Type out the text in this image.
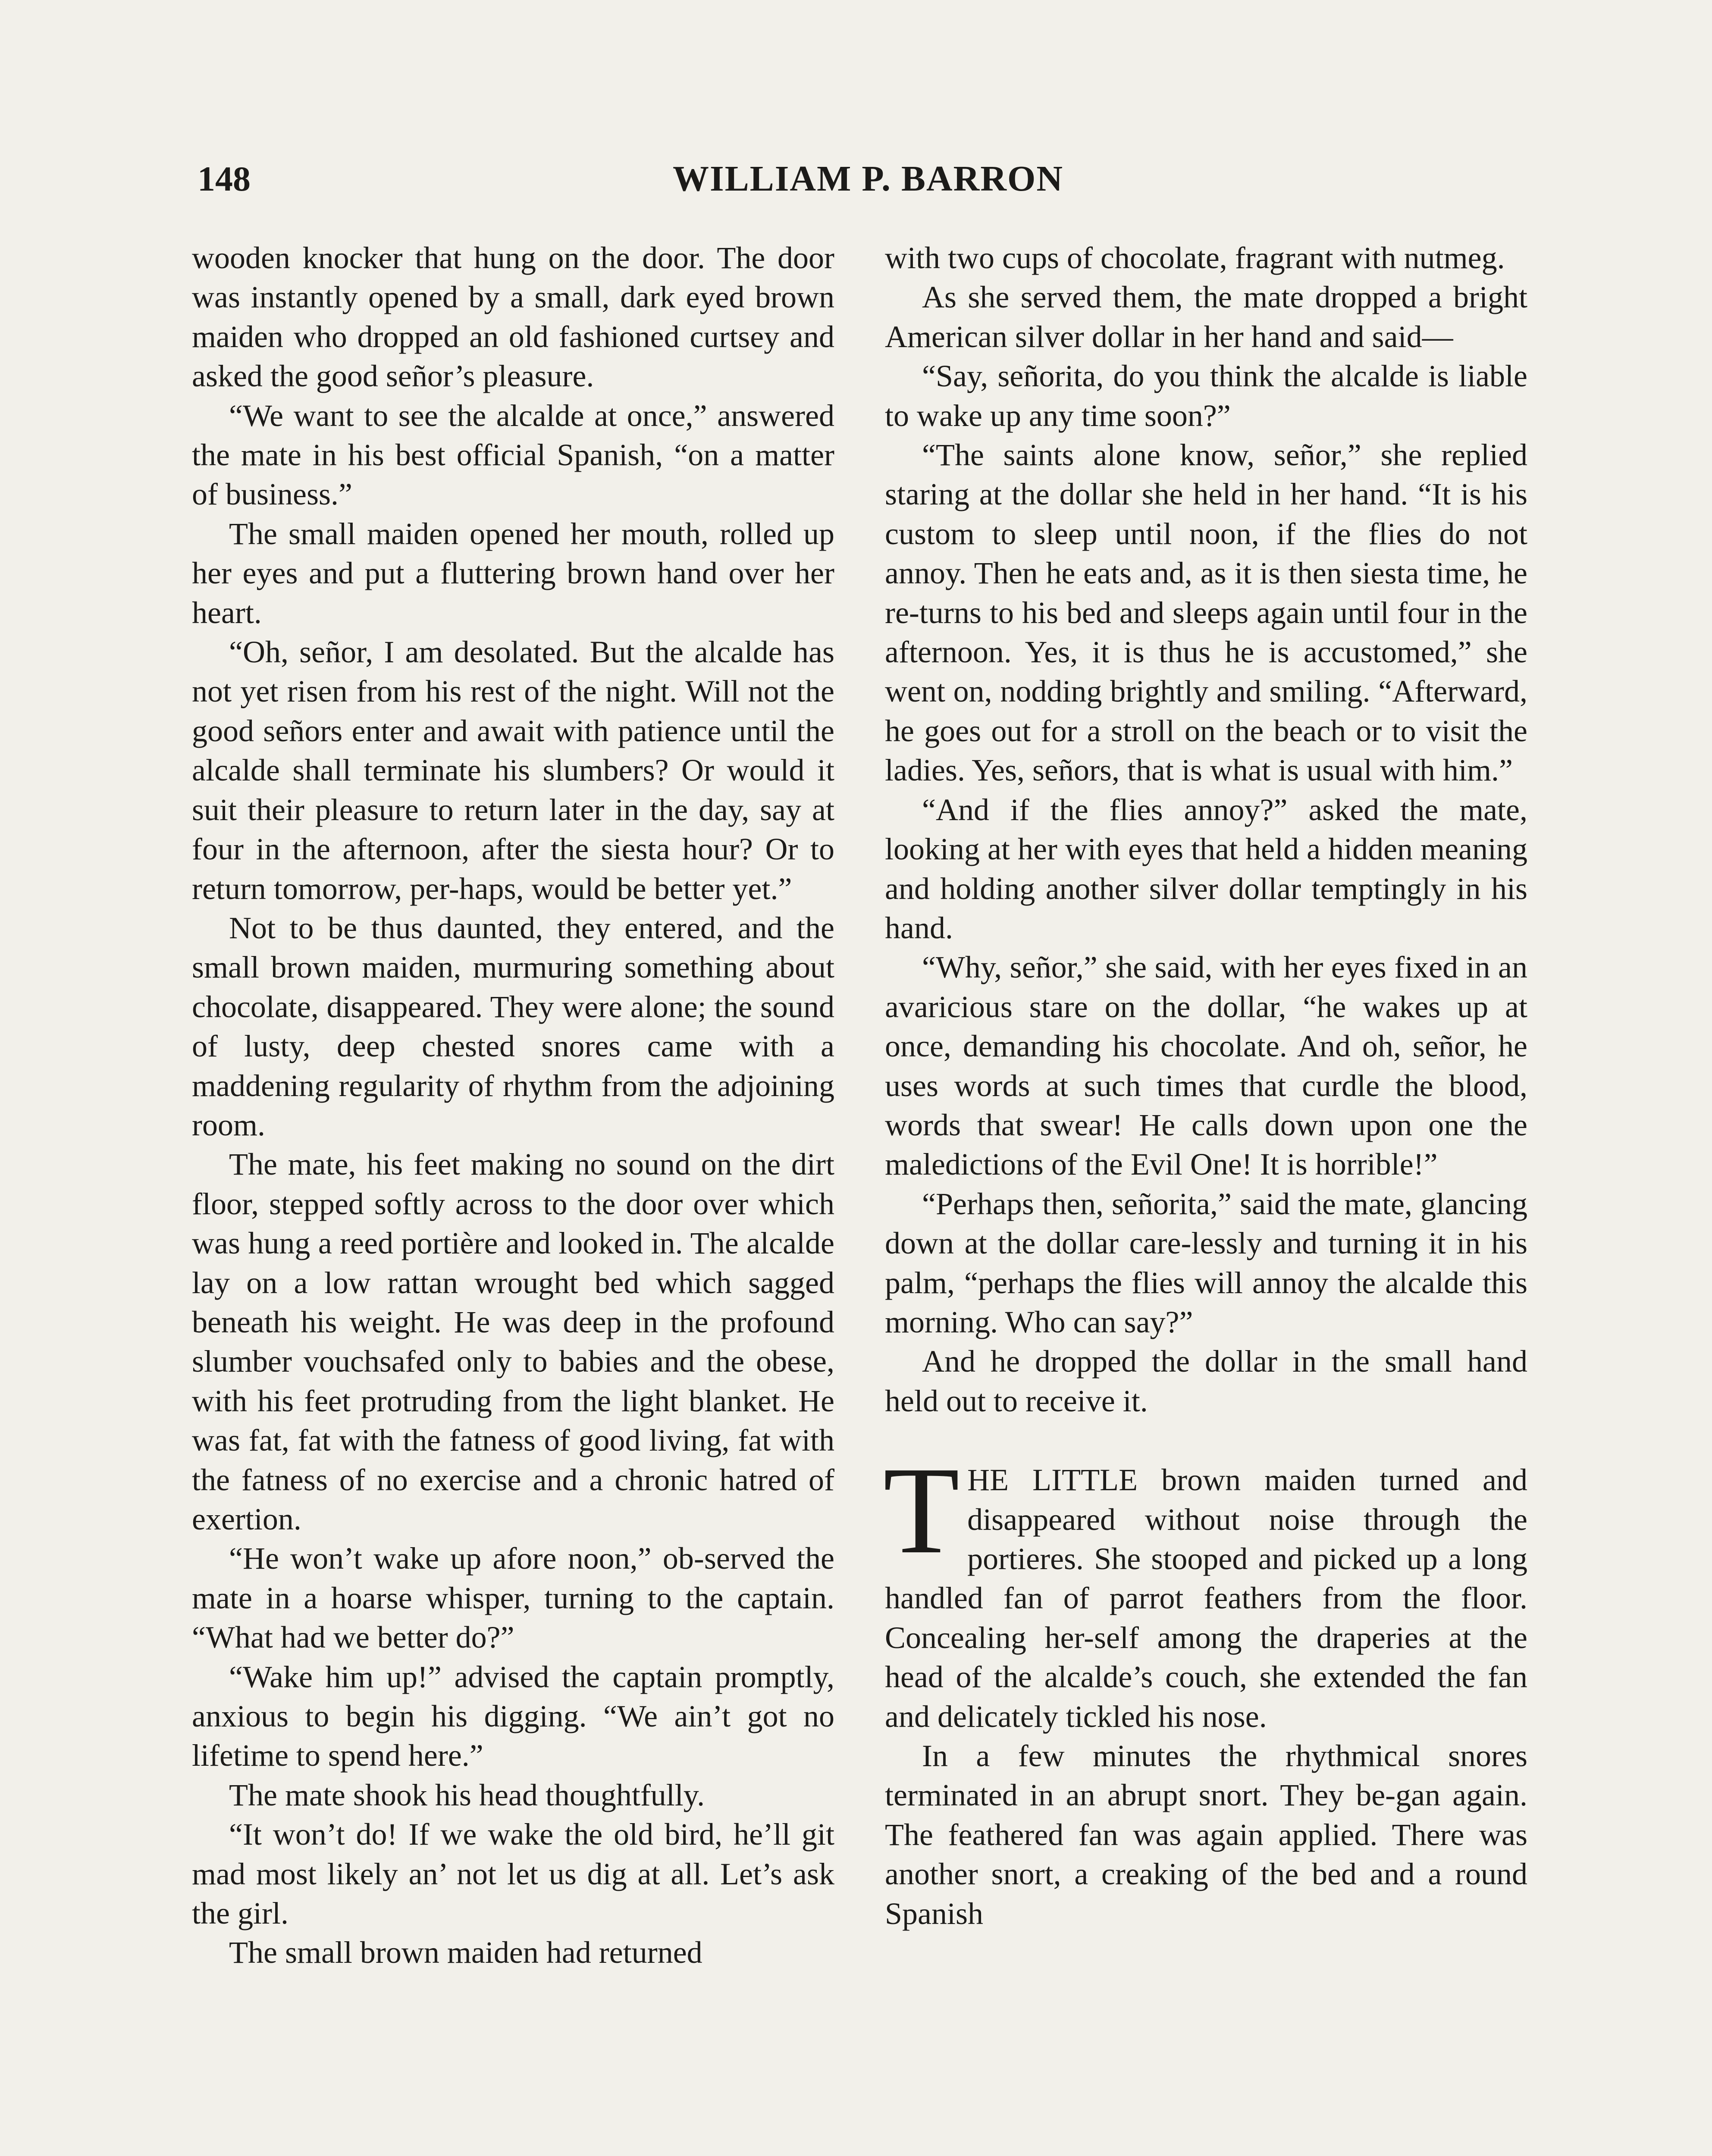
148	WILLIAM P. BARRON

wooden knocker that hung on the door. The door was instantly opened by a small, dark eyed brown maiden who dropped an old fashioned curtsey and asked the good señor’s pleasure.

“We want to see the alcalde at once,” answered the mate in his best official Spanish, “on a matter of business.”

The small maiden opened her mouth, rolled up her eyes and put a fluttering brown hand over her heart.

“Oh, señor, I am desolated. But the alcalde has not yet risen from his rest of the night. Will not the good señors enter and await with patience until the alcalde shall terminate his slumbers? Or would it suit their pleasure to return later in the day, say at four in the afternoon, after the siesta hour? Or to return tomorrow, per-haps, would be better yet.”

Not to be thus daunted, they entered, and the small brown maiden, murmuring something about chocolate, disappeared. They were alone; the sound of lusty, deep chested snores came with a maddening regularity of rhythm from the adjoining room.

The mate, his feet making no sound on the dirt floor, stepped softly across to the door over which was hung a reed portière and looked in. The alcalde lay on a low rattan wrought bed which sagged beneath his weight. He was deep in the profound slumber vouchsafed only to babies and the obese, with his feet protruding from the light blanket. He was fat, fat with the fatness of good living, fat with the fatness of no exercise and a chronic hatred of exertion.

“He won’t wake up afore noon,” ob-served the mate in a hoarse whisper, turning to the captain. “What had we better do?”

“Wake him up!” advised the captain promptly, anxious to begin his digging. “We ain’t got no lifetime to spend here.”

The mate shook his head thoughtfully.

“It won’t do! If we wake the old bird, he’ll git mad most likely an’ not let us dig at all. Let’s ask the girl.

The small brown maiden had returned

with two cups of chocolate, fragrant with nutmeg.

As she served them, the mate dropped a bright American silver dollar in her hand and said—

“Say, señorita, do you think the alcalde is liable to wake up any time soon?”

“The saints alone know, señor,” she replied staring at the dollar she held in her hand. “It is his custom to sleep until noon, if the flies do not annoy. Then he eats and, as it is then siesta time, he re-turns to his bed and sleeps again until four in the afternoon. Yes, it is thus he is accustomed,” she went on, nodding brightly and smiling. “Afterward, he goes out for a stroll on the beach or to visit the ladies. Yes, señors, that is what is usual with him.”

“And if the flies annoy?” asked the mate, looking at her with eyes that held a hidden meaning and holding another silver dollar temptingly in his hand.

“Why, señor,” she said, with her eyes fixed in an avaricious stare on the dollar, “he wakes up at once, demanding his chocolate. And oh, señor, he uses words at such times that curdle the blood, words that swear! He calls down upon one the maledictions of the Evil One! It is horrible!”

“Perhaps then, señorita,” said the mate, glancing down at the dollar care-lessly and turning it in his palm, “perhaps the flies will annoy the alcalde this morning. Who can say?”

And he dropped the dollar in the small hand held out to receive it.

THE LITTLE brown maiden turned and disappeared without noise through the portieres. She stooped and picked up a long handled fan of parrot feathers from the floor. Concealing her-self among the draperies at the head of the alcalde’s couch, she extended the fan and delicately tickled his nose.

In a few minutes the rhythmical snores terminated in an abrupt snort. They be-gan again. The feathered fan was again applied. There was another snort, a creaking of the bed and a round Spanish
